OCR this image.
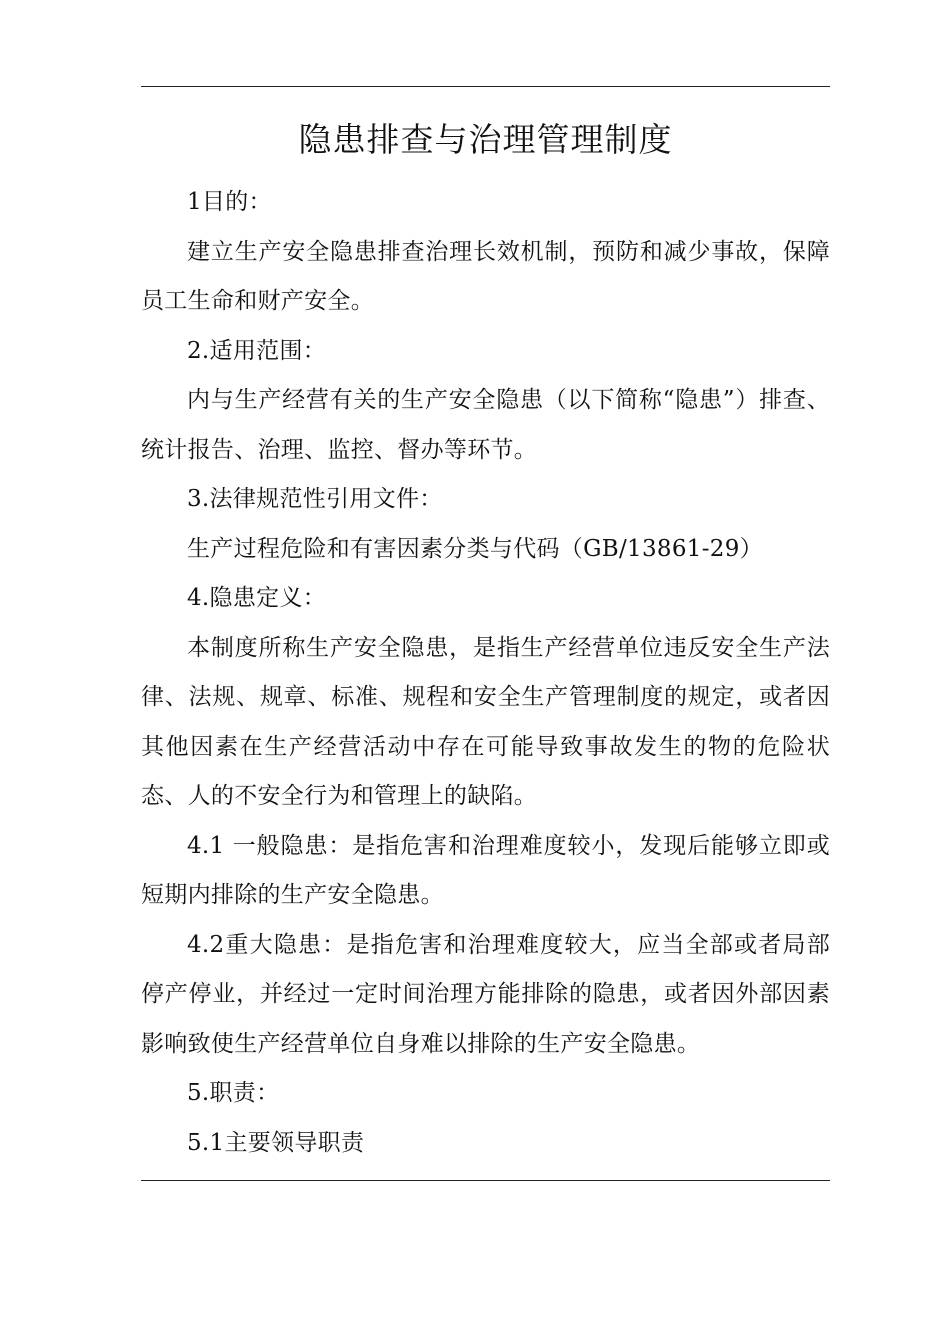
隐患排查与治理管理制度

1目的：

建立生产安全隐患排查治理长效机制，预防和减少事故，保障员工生命和财产安全。

2.适用范围：

内与生产经营有关的生产安全隐患（以下简称“隐患”）排查、统计报告、治理、监控、督办等环节。

3.法律规范性引用文件：

生产过程危险和有害因素分类与代码（GB/13861-29）

4.隐患定义：

本制度所称生产安全隐患，是指生产经营单位违反安全生产法律、法规、规章、标准、规程和安全生产管理制度的规定，或者因其他因素在生产经营活动中存在可能导致事故发生的物的危险状态、人的不安全行为和管理上的缺陷。

4.1 一般隐患：是指危害和治理难度较小，发现后能够立即或短期内排除的生产安全隐患。

4.2重大隐患：是指危害和治理难度较大，应当全部或者局部停产停业，并经过一定时间治理方能排除的隐患，或者因外部因素影响致使生产经营单位自身难以排除的生产安全隐患。

5.职责：

5.1主要领导职责
